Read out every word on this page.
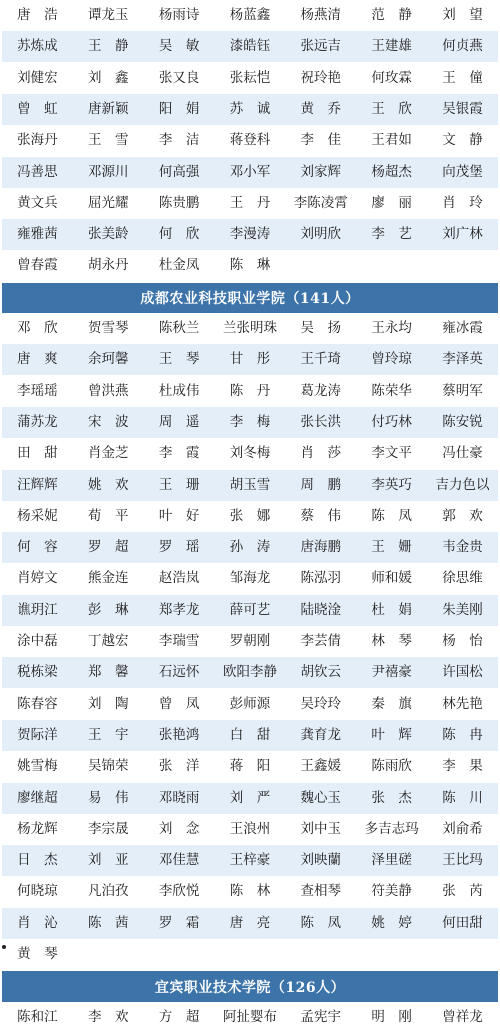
唐　浩	谭龙玉	杨雨诗	杨蓝鑫	杨燕清	范　静	刘　望
苏炼成	王　静	吴　敏	漆皓钰	张远吉	王建雄	何贞燕
刘健宏	刘　鑫	张又良	张耘恺	祝玲艳	何玫霖	王　僮
曾　虹	唐新颖	阳　娟	苏　诚	黄　乔	王　欣	吴银霞
张海丹	王　雪	李　洁	蒋登科	李　佳	王君如	文　静
冯善思	邓源川	何高强	邓小军	刘家辉	杨超杰	向茂堡
黄文兵	屈光耀	陈贵鹏	王　丹	李陈凌霄	廖　丽	肖　玲
雍雅茜	张美龄	何　欣	李漫涛	刘明欣	李　艺	刘广林
曾春霞	胡永丹	杜金凤	陈　琳
成都农业科技职业学院（141人）
邓　欣	贺雪琴	陈秋兰	兰张明珠	吴　扬	王永均	雍冰霞
唐　爽	余珂馨	王　琴	甘　彤	王千琦	曾玲琼	李泽英
李瑶瑶	曾洪燕	杜成伟	陈　丹	葛龙涛	陈荣华	蔡明军
蒲苏龙	宋　波	周　遥	李　梅	张长洪	付巧林	陈安锐
田　甜	肖金芝	李　霞	刘冬梅	肖　莎	李文平	冯仕豪
汪辉辉	姚　欢	王　珊	胡玉雪	周　鹏	李英巧	吉力色以
杨采妮	荀　平	叶　好	张　娜	蔡　伟	陈　凤	郭　欢
何　容	罗　超	罗　瑶	孙　涛	唐海鹏	王　姗	韦金贵
肖婷文	熊金连	赵浩岚	邹海龙	陈泓羽	师和媛	徐思维
谯玥江	彭　琳	郑孝龙	薛可艺	陆晓淦	杜　娟	朱美刚
涂中磊	丁越宏	李瑞雪	罗朝刚	李芸倩	林　琴	杨　怡
税栋梁	郑　馨	石远怀	欧阳李静	胡钦云	尹禧豪	许国松
陈春容	刘　陶	曾　凤	彭师源	吴玲玲	秦　旗	林先艳
贺际洋	王　宇	张艳鸿	白　甜	龚育龙	叶　辉	陈　冉
姚雪梅	吴锦荣	张　洋	蒋　阳	王鑫媛	陈雨欣	李　果
廖继超	易　伟	邓晓雨	刘　严	魏心玉	张　杰	陈　川
杨龙辉	李宗晟	刘　念	王浪州	刘中玉	多吉志玛	刘俞希
日　杰	刘　亚	邓佳慧	王梓豪	刘映蘭	泽里磋	王比玛
何晓琼	凡泊孜	李欣悦	陈　林	查相琴	符美静	张　芮
肖　沁	陈　茜	罗　霜	唐　亮	陈　凤	姚　婷	何田甜
黄　琴
宜宾职业技术学院（126人）
陈和江	李　欢	方　超	阿扯婴布	孟宪宇	明　刚	曾祥龙
